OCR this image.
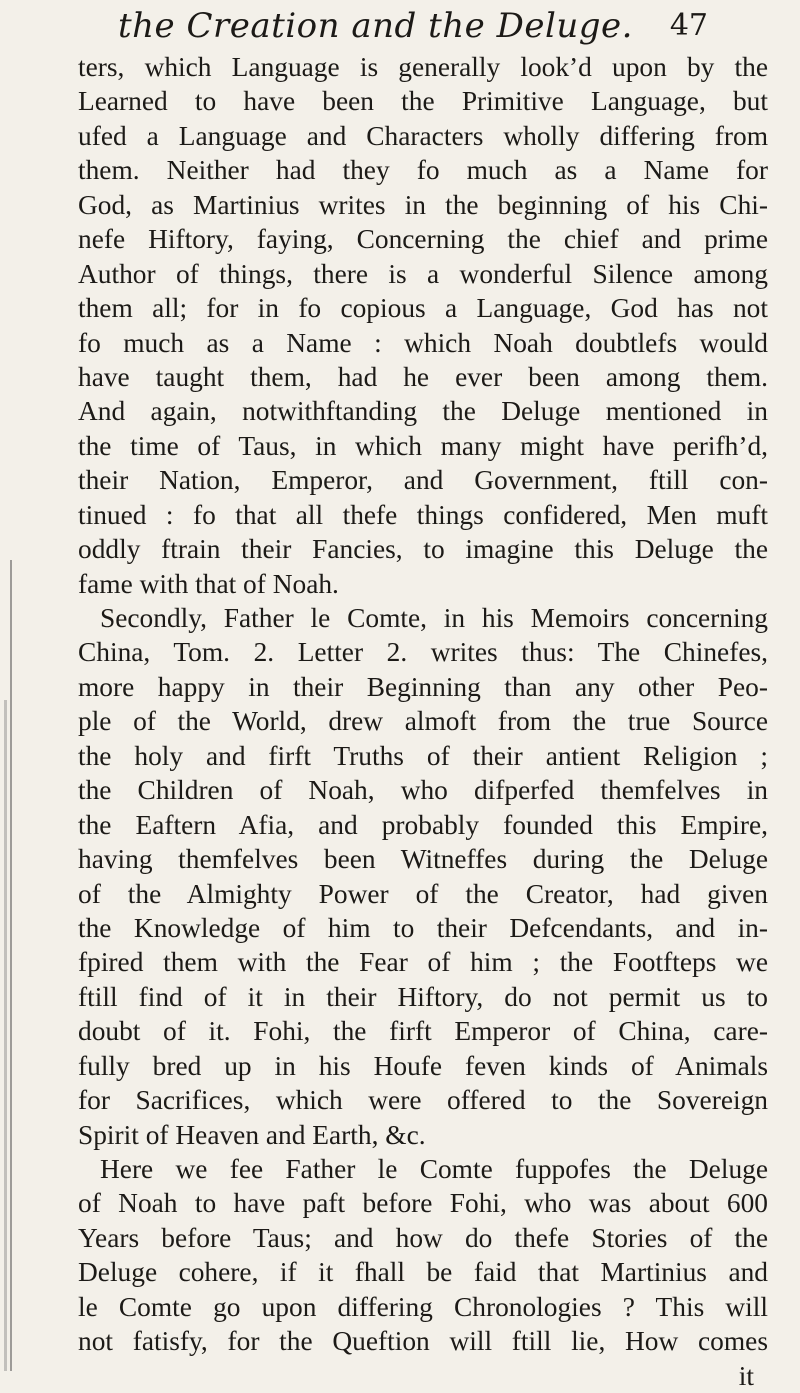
the Creation and the Deluge. 47
ters, which Language is generally look’d upon by the
Learned to have been the Primitive Language, but
ufed a Language and Characters wholly differing from
them. Neither had they fo much as a Name for
God, as Martinius writes in the beginning of his Chi-
nefe Hiftory, faying, Concerning the chief and prime
Author of things, there is a wonderful Silence among
them all; for in fo copious a Language, God has not
fo much as a Name : which Noah doubtlefs would
have taught them, had he ever been among them.
And again, notwithftanding the Deluge mentioned in
the time of Taus, in which many might have perifh’d,
their Nation, Emperor, and Government, ftill con-
tinued : fo that all thefe things confidered, Men muft
oddly ftrain their Fancies, to imagine this Deluge the
fame with that of Noah.
Secondly, Father le Comte, in his Memoirs concerning
China, Tom. 2. Letter 2. writes thus: The Chinefes,
more happy in their Beginning than any other Peo-
ple of the World, drew almoft from the true Source
the holy and firft Truths of their antient Religion ;
the Children of Noah, who difperfed themfelves in
the Eaftern Afia, and probably founded this Empire,
having themfelves been Witneffes during the Deluge
of the Almighty Power of the Creator, had given
the Knowledge of him to their Defcendants, and in-
fpired them with the Fear of him ; the Footfteps we
ftill find of it in their Hiftory, do not permit us to
doubt of it. Fohi, the firft Emperor of China, care-
fully bred up in his Houfe feven kinds of Animals
for Sacrifices, which were offered to the Sovereign
Spirit of Heaven and Earth, &c.
Here we fee Father le Comte fuppofes the Deluge
of Noah to have paft before Fohi, who was about 600
Years before Taus; and how do thefe Stories of the
Deluge cohere, if it fhall be faid that Martinius and
le Comte go upon differing Chronologies ? This will
not fatisfy, for the Queftion will ftill lie, How comes
it
